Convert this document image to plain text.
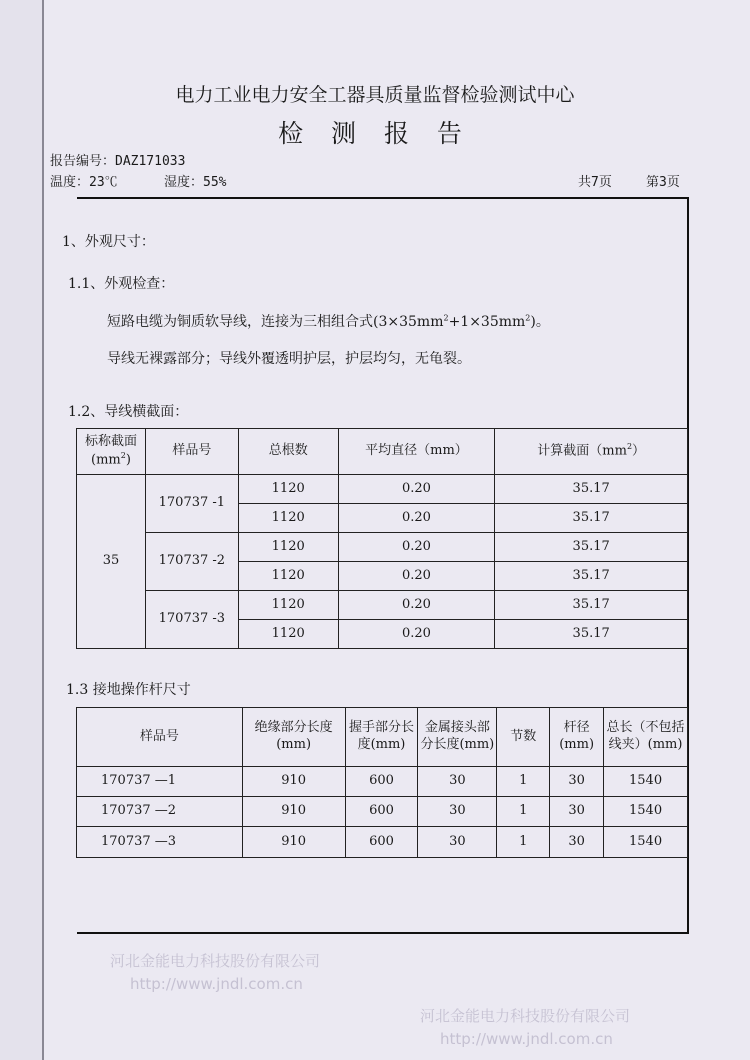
河北金能电力科技股份有限公司
http://www.jndl.com.cn
河北金能电力科技股份有限公司
http://www.jndl.com.cn
电力工业电力安全工器具质量监督检验测试中心
检 测 报 告
报告编号：DAZ171033
温度：23℃	湿度：55%	共7页	第3页
1、外观尺寸：
1.1、外观检查：
短路电缆为铜质软导线，连接为三相组合式$(3\times 35mm^2+1\times 35mm^2)$。
导线无裸露部分；导线外覆透明护层，护层均匀，无龟裂。
1.2、导线横截面：
标称截面
$(mm^2)$	样品号	总根数	平均直径（mm）	计算截面$(mm^2)$
35	170737 -1	1120	0.20	35.17
		1120	0.20	35.17
	170737 -2	1120	0.20	35.17
		1120	0.20	35.17
	170737 -3	1120	0.20	35.17
		1120	0.20	35.17
1.3 接地操作杆尺寸
样品号	绝缘部分长度(mm)	握手部分长度(mm)	金属接头部分长度(mm)	节数	杆径(mm)	总长（不包括线夹）(mm)
170737 —1	910	600	30	1	30	1540
170737 —2	910	600	30	1	30	1540
170737 —3	910	600	30	1	30	1540
